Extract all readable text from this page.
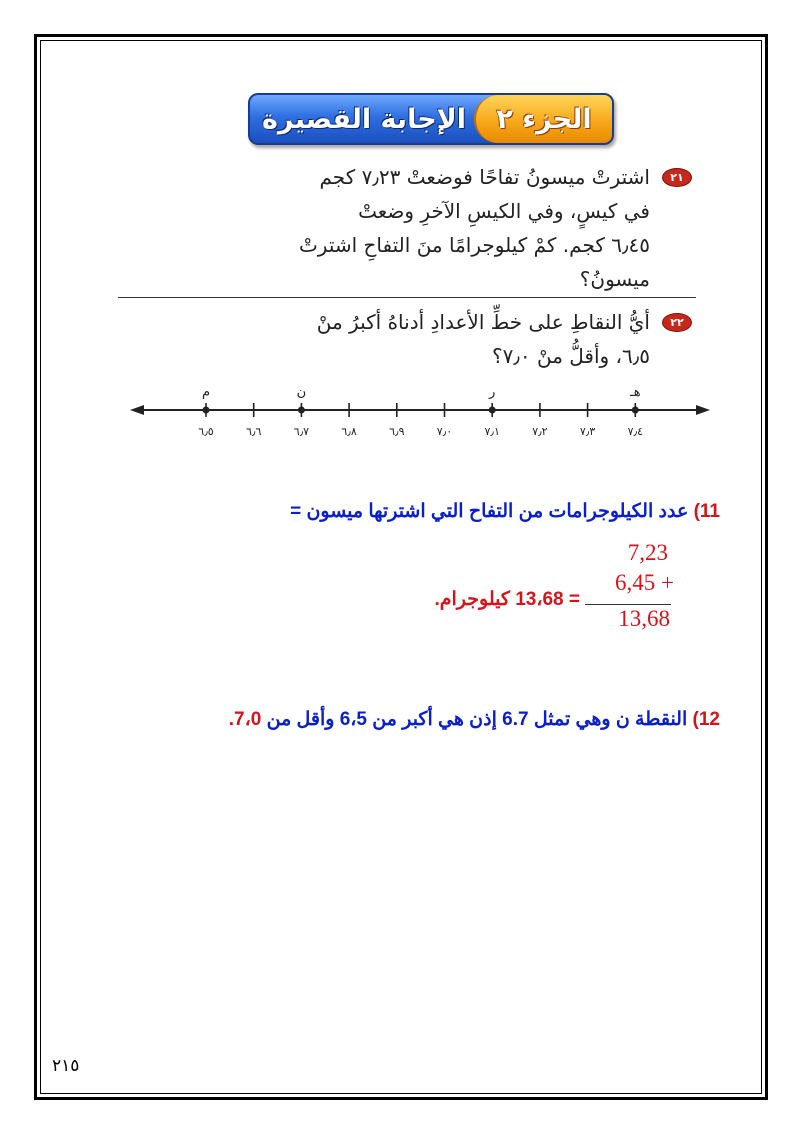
الإجابة القصيرة	الجزء ٢
٢١
اشترتْ ميسونُ تفاحًا فوضعتْ ٧٫٢٣ كجم
في كيسٍ، وفي الكيسِ الآخرِ وضعتْ
٦٫٤٥ كجم. كمْ كيلوجرامًا منَ التفاحِ اشترتْ
ميسونُ؟
٢٢
أيُّ النقاطِ على خطِّ الأعدادِ أدناهُ أكبرُ منْ
٦٫٥، وأقلُّ منْ ٧٫٠؟
٦٫٥	٦٫٦	٦٫٧	٦٫٨	٦٫٩	٧٫٠	٧٫١	٧٫٢	٧٫٣	٧٫٤
م	ن	ر	هـ
11) عدد الكيلوجرامات من التفاح التي اشترتها ميسون =
7,23
6,45 +
13,68
= 13،68 كيلوجرام.
12) النقطة ن وهي تمثل 6.7 إذن هي أكبر من 6،5 وأقل من 7،0.
٢١٥
